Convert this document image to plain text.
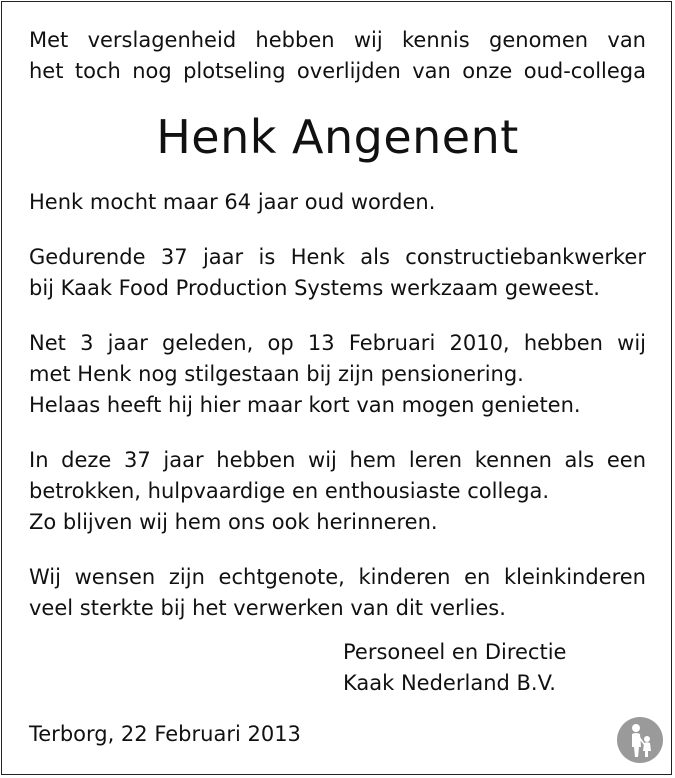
Met verslagenheid hebben wij kennis genomen van
het toch nog plotseling overlijden van onze oud-collega
Henk Angenent
Henk mocht maar 64 jaar oud worden.
Gedurende 37 jaar is Henk als constructiebankwerker
bij Kaak Food Production Systems werkzaam geweest.
Net 3 jaar geleden, op 13 Februari 2010, hebben wij
met Henk nog stilgestaan bij zijn pensionering.
Helaas heeft hij hier maar kort van mogen genieten.
In deze 37 jaar hebben wij hem leren kennen als een
betrokken, hulpvaardige en enthousiaste collega.
Zo blijven wij hem ons ook herinneren.
Wij wensen zijn echtgenote, kinderen en kleinkinderen
veel sterkte bij het verwerken van dit verlies.
Personeel en Directie
Kaak Nederland B.V.
Terborg, 22 Februari 2013
